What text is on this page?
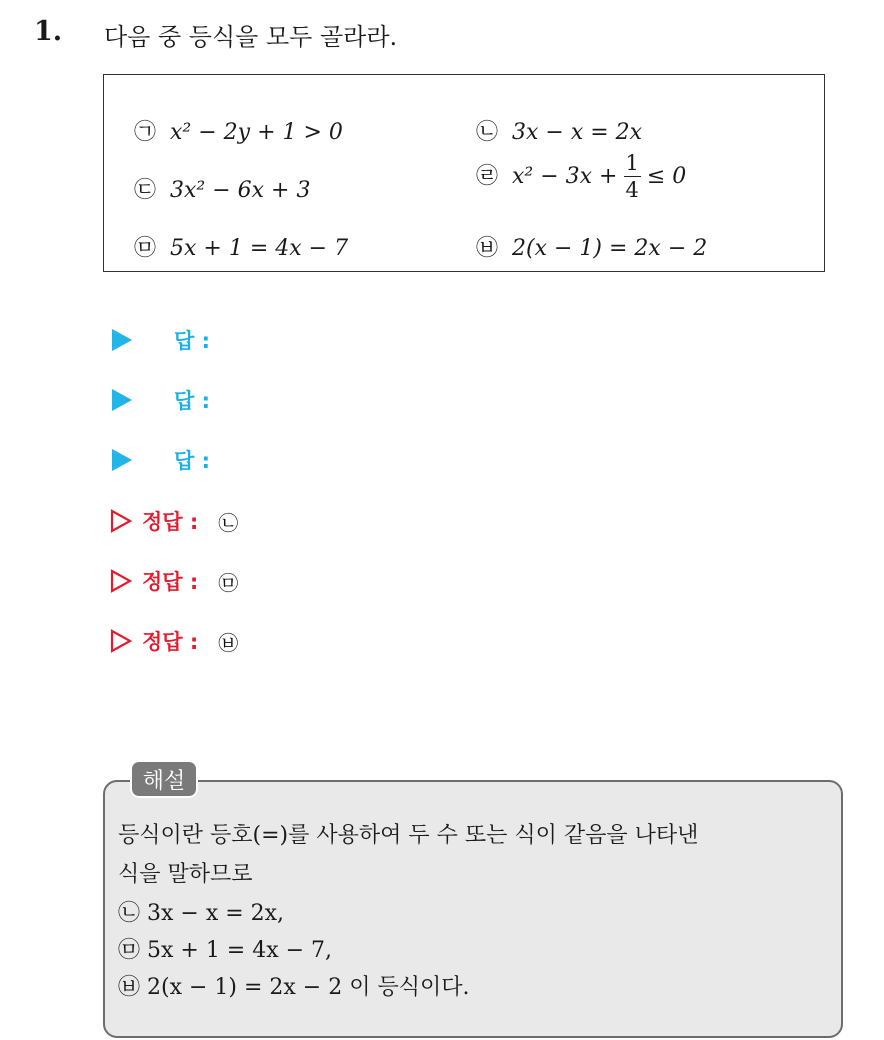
1. 다음 중 등식을 모두 골라라.
㉠ x² − 2y + 1 > 0	㉡ 3x − x = 2x
㉢ 3x² − 6x + 3
㉣ $x^2 - 3x + \frac{1}{4} \le 0$
㉤ 5x + 1 = 4x − 7	㉥ 2(x − 1) = 2x − 2
답 :
답 :
답 :
정답 : ㉡
정답 : ㉤
정답 : ㉥
해설
등식이란 등호(=)를 사용하여 두 수 또는 식이 같음을 나타낸
식을 말하므로
㉡ 3x − x = 2x,
㉤ 5x + 1 = 4x − 7,
㉥ 2(x − 1) = 2x − 2 이 등식이다.
